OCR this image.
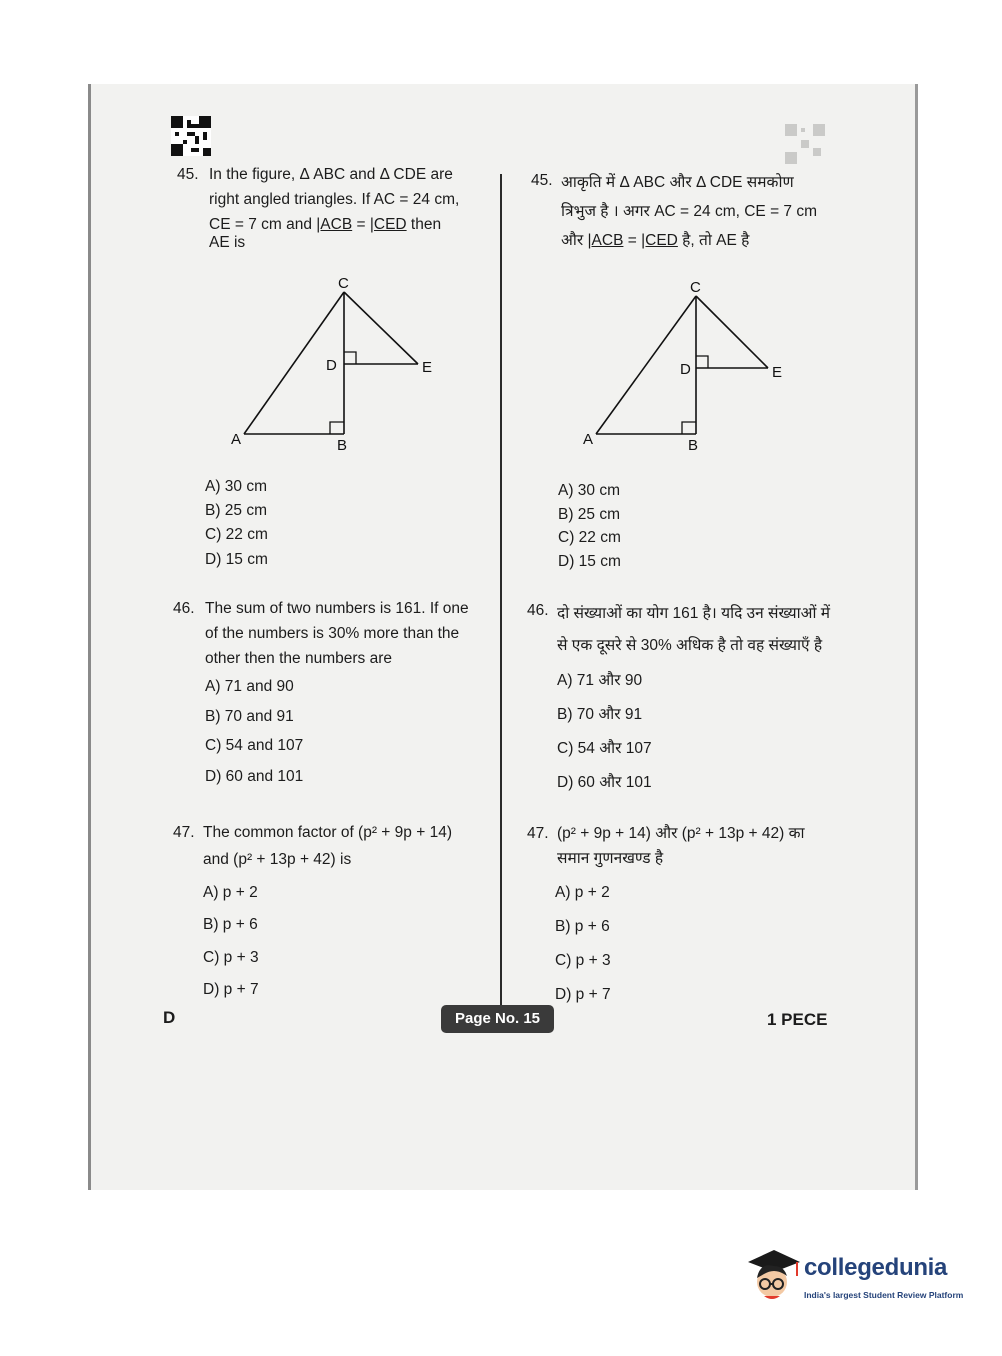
45. In the figure, Δ ABC and Δ CDE are
right angled triangles. If AC = 24 cm,
CE = 7 cm and |ACB = |CED then
AE is
C
D	E
A	B
A) 30 cm
B) 25 cm
C) 22 cm
D) 15 cm
46. The sum of two numbers is 161. If one
of the numbers is 30% more than the
other then the numbers are
A) 71 and 90
B) 70 and 91
C) 54 and 107
D) 60 and 101
47. The common factor of (p² + 9p + 14)
and (p² + 13p + 42) is
A) p + 2
B) p + 6
C) p + 3
D) p + 7
45. आकृति में Δ ABC और Δ CDE समकोण
त्रिभुज है । अगर AC = 24 cm, CE = 7 cm
और |ACB = |CED है, तो AE है
C
D	E
A	B
A) 30 cm
B) 25 cm
C) 22 cm
D) 15 cm
46. दो संख्याओं का योग 161 है। यदि उन संख्याओं में
से एक दूसरे से 30% अधिक है तो वह संख्याएँ है
A) 71 और 90
B) 70 और 91
C) 54 और 107
D) 60 और 101
47. (p² + 9p + 14) और (p² + 13p + 42) का
समान गुणनखण्ड है
A) p + 2
B) p + 6
C) p + 3
D) p + 7
D	Page No. 15	1 PECE
collegedunia
India's largest Student Review Platform
